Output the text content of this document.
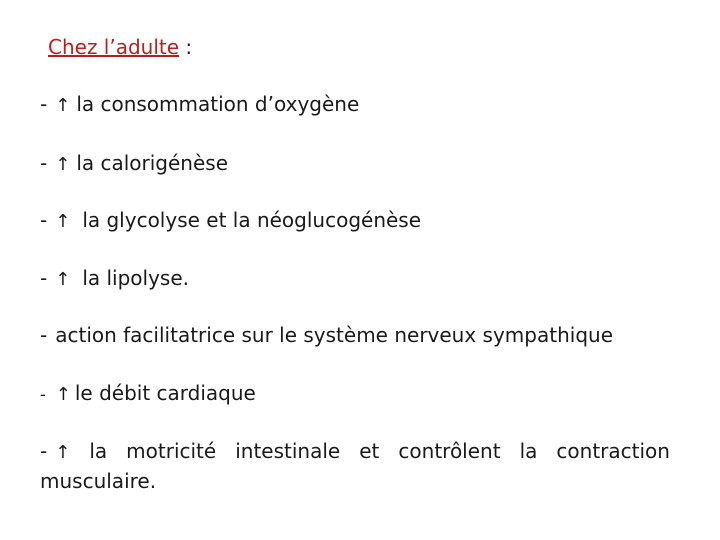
Chez l’adulte :
- ↑ la consommation d’oxygène
- ↑ la calorigénèse
- ↑ la glycolyse et la néoglucogénèse
- ↑ la lipolyse.
- action facilitatrice sur le système nerveux sympathique
- ↑ le débit cardiaque
- ↑ la motricité intestinale et contrôlent la contraction
musculaire.
